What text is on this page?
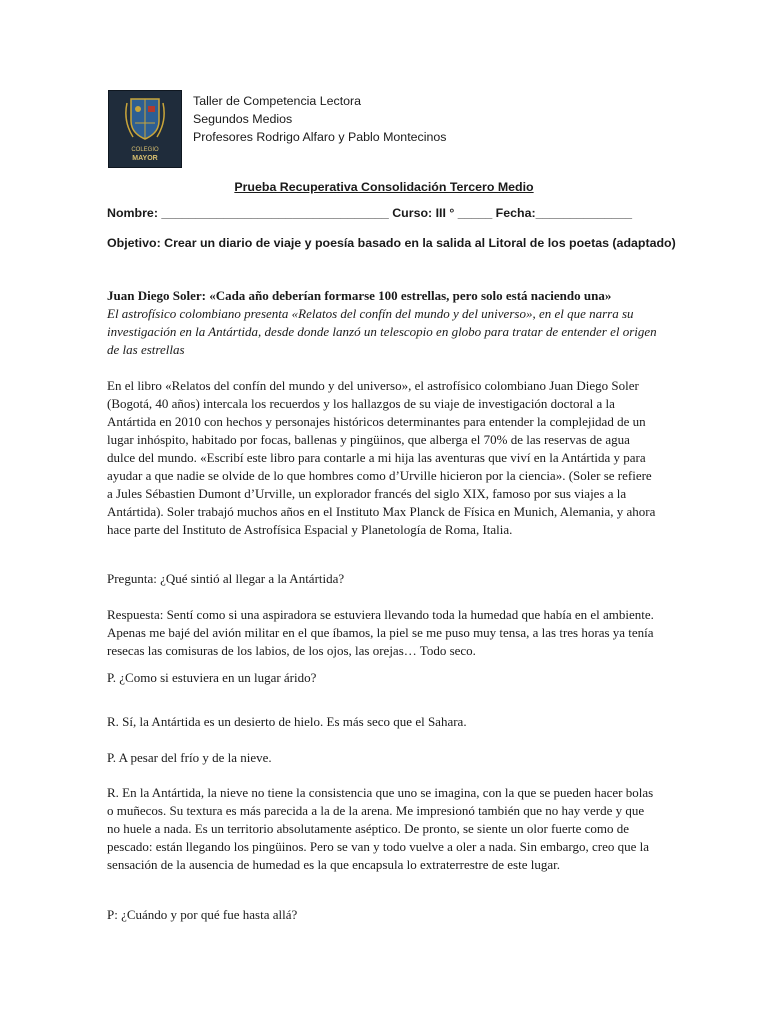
COLEGIO
MAYOR
Taller de Competencia Lectora
Segundos Medios
Profesores Rodrigo Alfaro y Pablo Montecinos
Prueba Recuperativa Consolidación Tercero Medio
Nombre: _________________________________ Curso: III ° _____ Fecha:______________
Objetivo: Crear un diario de viaje y poesía basado en la salida al Litoral de los poetas (adaptado)
Juan Diego Soler: «Cada año deberían formarse 100 estrellas, pero solo está naciendo una»
El astrofísico colombiano presenta «Relatos del confín del mundo y del universo», en el que narra su investigación en la Antártida, desde donde lanzó un telescopio en globo para tratar de entender el origen de las estrellas
En el libro «Relatos del confín del mundo y del universo», el astrofísico colombiano Juan Diego Soler (Bogotá, 40 años) intercala los recuerdos y los hallazgos de su viaje de investigación doctoral a la Antártida en 2010 con hechos y personajes históricos determinantes para entender la complejidad de un lugar inhóspito, habitado por focas, ballenas y pingüinos, que alberga el 70% de las reservas de agua dulce del mundo. «Escribí este libro para contarle a mi hija las aventuras que viví en la Antártida y para ayudar a que nadie se olvide de lo que hombres como d’Urville hicieron por la ciencia». (Soler se refiere a Jules Sébastien Dumont d’Urville, un explorador francés del siglo XIX, famoso por sus viajes a la Antártida). Soler trabajó muchos años en el Instituto Max Planck de Física en Munich, Alemania, y ahora hace parte del Instituto de Astrofísica Espacial y Planetología de Roma, Italia.
Pregunta: ¿Qué sintió al llegar a la Antártida?
Respuesta: Sentí como si una aspiradora se estuviera llevando toda la humedad que había en el ambiente. Apenas me bajé del avión militar en el que íbamos, la piel se me puso muy tensa, a las tres horas ya tenía resecas las comisuras de los labios, de los ojos, las orejas… Todo seco.
P. ¿Como si estuviera en un lugar árido?
R. Sí, la Antártida es un desierto de hielo. Es más seco que el Sahara.
P. A pesar del frío y de la nieve.
R. En la Antártida, la nieve no tiene la consistencia que uno se imagina, con la que se pueden hacer bolas o muñecos. Su textura es más parecida a la de la arena. Me impresionó también que no hay verde y que no huele a nada. Es un territorio absolutamente aséptico. De pronto, se siente un olor fuerte como de pescado: están llegando los pingüinos. Pero se van y todo vuelve a oler a nada. Sin embargo, creo que la sensación de la ausencia de humedad es la que encapsula lo extraterrestre de este lugar.
P: ¿Cuándo y por qué fue hasta allá?
